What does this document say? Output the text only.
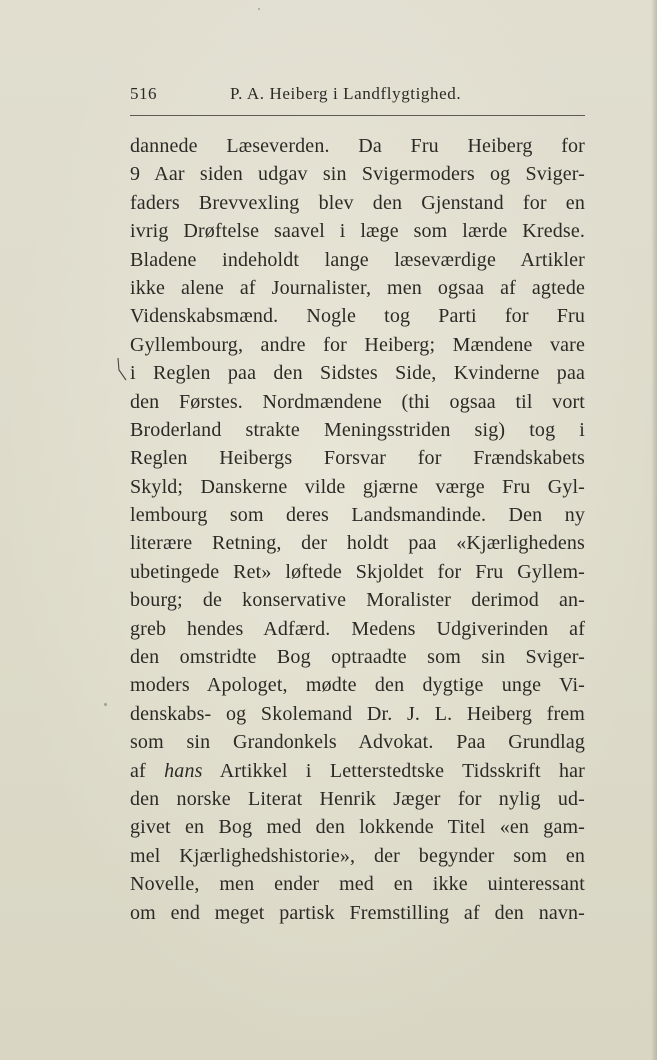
516	P. A. Heiberg i Landflygtighed.
dannede Læseverden. Da Fru Heiberg for
9 Aar siden udgav sin Svigermoders og Sviger-
faders Brevvexling blev den Gjenstand for en
ivrig Drøftelse saavel i læge som lærde Kredse.
Bladene indeholdt lange læseværdige Artikler
ikke alene af Journalister, men ogsaa af agtede
Videnskabsmænd. Nogle tog Parti for Fru
Gyllembourg, andre for Heiberg; Mændene vare
i Reglen paa den Sidstes Side, Kvinderne paa
den Førstes. Nordmændene (thi ogsaa til vort
Broderland strakte Meningsstriden sig) tog i
Reglen Heibergs Forsvar for Frændskabets
Skyld; Danskerne vilde gjærne værge Fru Gyl-
lembourg som deres Landsmandinde. Den ny
literære Retning, der holdt paa «Kjærlighedens
ubetingede Ret» løftede Skjoldet for Fru Gyllem-
bourg; de konservative Moralister derimod an-
greb hendes Adfærd. Medens Udgiverinden af
den omstridte Bog optraadte som sin Sviger-
moders Apologet, mødte den dygtige unge Vi-
denskabs- og Skolemand Dr. J. L. Heiberg frem
som sin Grandonkels Advokat. Paa Grundlag
af hans Artikkel i Letterstedtske Tidsskrift har
den norske Literat Henrik Jæger for nylig ud-
givet en Bog med den lokkende Titel «en gam-
mel Kjærlighedshistorie», der begynder som en
Novelle, men ender med en ikke uinteressant
om end meget partisk Fremstilling af den navn-
